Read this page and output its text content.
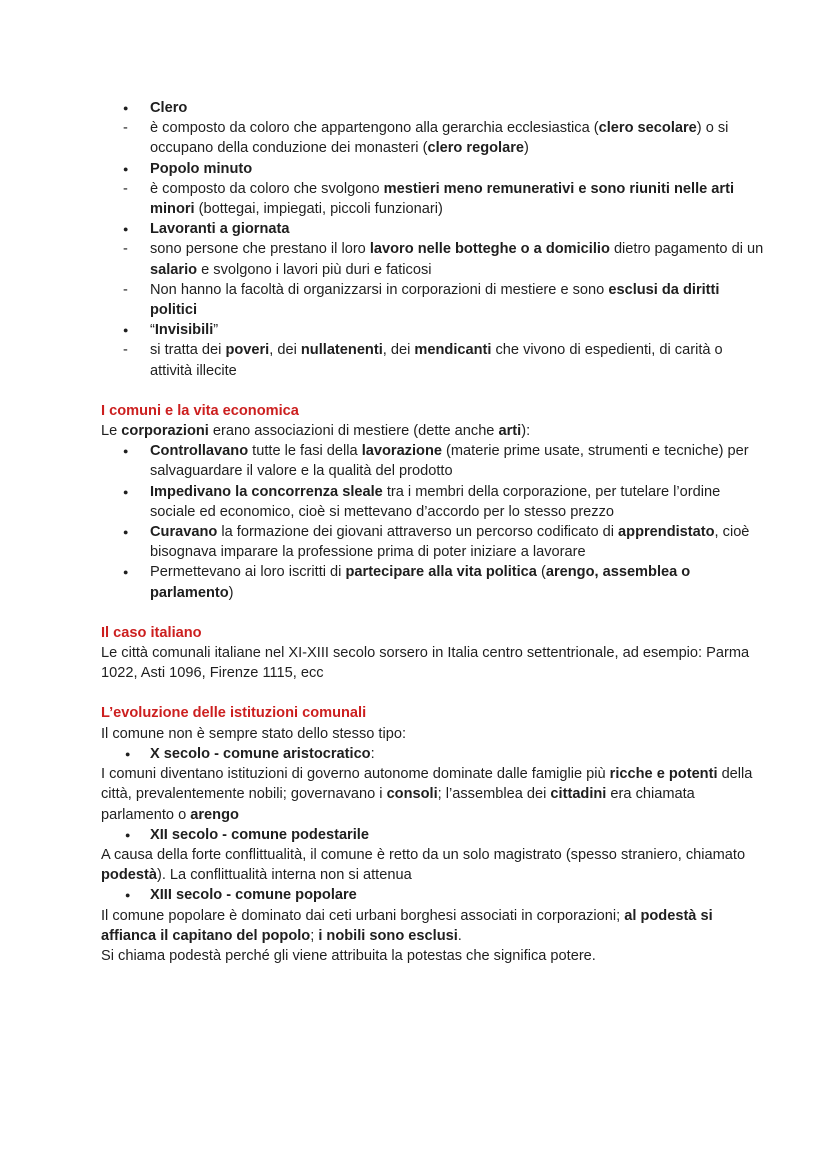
● Clero

- è composto da coloro che appartengono alla gerarchia ecclesiastica (clero secolare) o si occupano della conduzione dei monasteri (clero regolare)

● Popolo minuto

- è composto da coloro che svolgono mestieri meno remunerativi e sono riuniti nelle arti minori (bottegai, impiegati, piccoli funzionari)

● Lavoranti a giornata

- sono persone che prestano il loro lavoro nelle botteghe o a domicilio dietro pagamento di un salario e svolgono i lavori più duri e faticosi

- Non hanno la facoltà di organizzarsi in corporazioni di mestiere e sono esclusi da diritti politici

● “Invisibili”

- si tratta dei poveri, dei nullatenenti, dei mendicanti che vivono di espedienti, di carità o attività illecite

I comuni e la vita economica

Le corporazioni erano associazioni di mestiere (dette anche arti):

● Controllavano tutte le fasi della lavorazione (materie prime usate, strumenti e tecniche) per salvaguardare il valore e la qualità del prodotto

● Impedivano la concorrenza sleale tra i membri della corporazione, per tutelare l’ordine sociale ed economico, cioè si mettevano d’accordo per lo stesso prezzo

● Curavano la formazione dei giovani attraverso un percorso codificato di apprendistato, cioè bisognava imparare la professione prima di poter iniziare a lavorare

● Permettevano ai loro iscritti di partecipare alla vita politica (arengo, assemblea o parlamento)

Il caso italiano

Le città comunali italiane nel XI-XIII secolo sorsero in Italia centro settentrionale, ad esempio: Parma 1022, Asti 1096, Firenze 1115, ecc

L’evoluzione delle istituzioni comunali

Il comune non è sempre stato dello stesso tipo:

● X secolo - comune aristocratico:

I comuni diventano istituzioni di governo autonome dominate dalle famiglie più ricche e potenti della città, prevalentemente nobili; governavano i consoli; l’assemblea dei cittadini era chiamata parlamento o arengo

● XII secolo - comune podestarile

A causa della forte conflittualità, il comune è retto da un solo magistrato (spesso straniero, chiamato podestà). La conflittualità interna non si attenua

● XIII secolo - comune popolare

Il comune popolare è dominato dai ceti urbani borghesi associati in corporazioni; al podestà si affianca il capitano del popolo; i nobili sono esclusi.

Si chiama podestà perché gli viene attribuita la potestas che significa potere.
